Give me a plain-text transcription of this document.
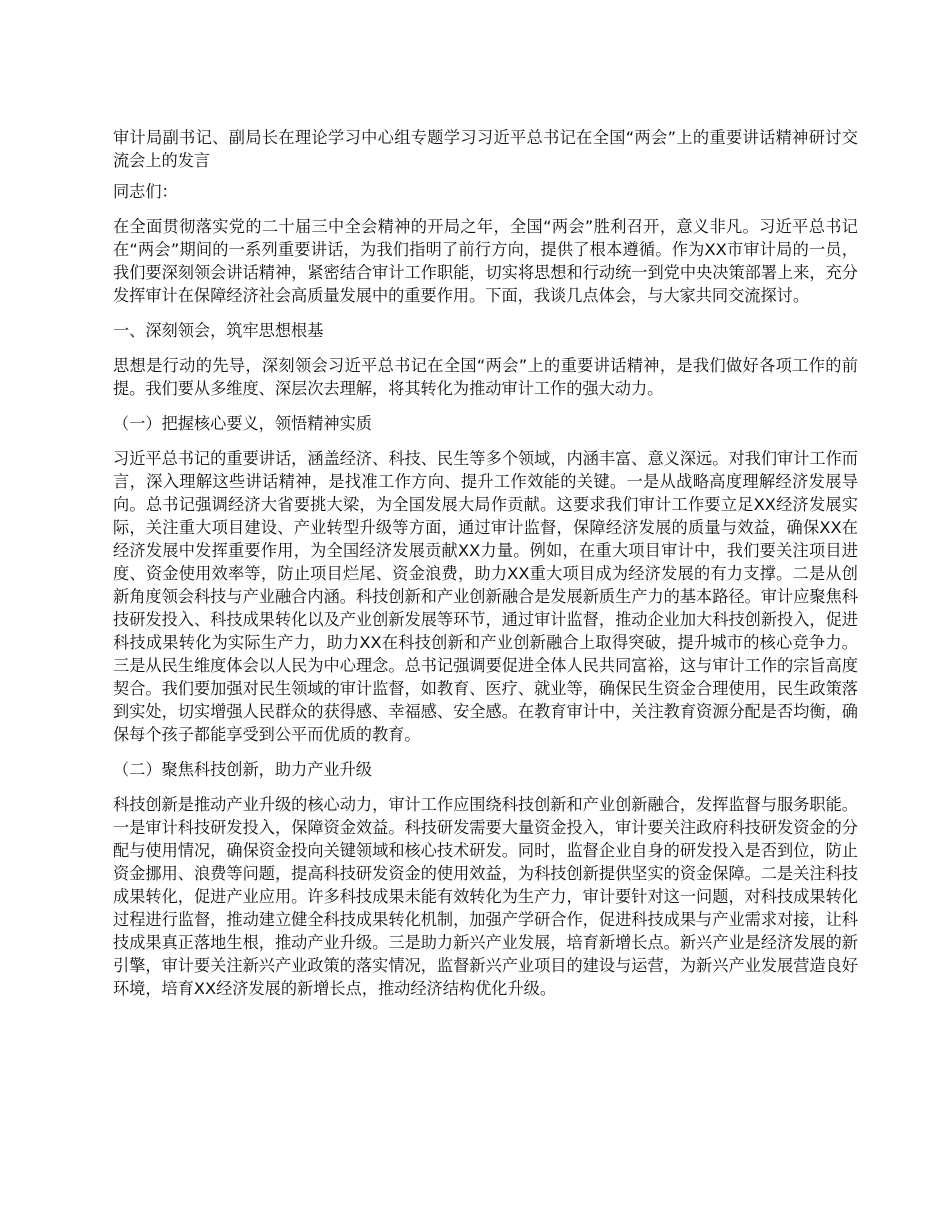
审计局副书记、副局长在理论学习中心组专题学习习近平总书记在全国“两会”上的重要讲话精神研讨交流会上的发言

同志们：

在全面贯彻落实党的二十届三中全会精神的开局之年，全国“两会”胜利召开，意义非凡。习近平总书记在“两会”期间的一系列重要讲话，为我们指明了前行方向，提供了根本遵循。作为XX市审计局的一员，我们要深刻领会讲话精神，紧密结合审计工作职能，切实将思想和行动统一到党中央决策部署上来，充分发挥审计在保障经济社会高质量发展中的重要作用。下面，我谈几点体会，与大家共同交流探讨。

一、深刻领会，筑牢思想根基

思想是行动的先导，深刻领会习近平总书记在全国“两会”上的重要讲话精神，是我们做好各项工作的前提。我们要从多维度、深层次去理解，将其转化为推动审计工作的强大动力。

（一）把握核心要义，领悟精神实质

习近平总书记的重要讲话，涵盖经济、科技、民生等多个领域，内涵丰富、意义深远。对我们审计工作而言，深入理解这些讲话精神，是找准工作方向、提升工作效能的关键。一是从战略高度理解经济发展导向。总书记强调经济大省要挑大梁，为全国发展大局作贡献。这要求我们审计工作要立足XX经济发展实际，关注重大项目建设、产业转型升级等方面，通过审计监督，保障经济发展的质量与效益，确保XX在经济发展中发挥重要作用，为全国经济发展贡献XX力量。例如，在重大项目审计中，我们要关注项目进度、资金使用效率等，防止项目烂尾、资金浪费，助力XX重大项目成为经济发展的有力支撑。二是从创新角度领会科技与产业融合内涵。科技创新和产业创新融合是发展新质生产力的基本路径。审计应聚焦科技研发投入、科技成果转化以及产业创新发展等环节，通过审计监督，推动企业加大科技创新投入，促进科技成果转化为实际生产力，助力XX在科技创新和产业创新融合上取得突破，提升城市的核心竞争力。三是从民生维度体会以人民为中心理念。总书记强调要促进全体人民共同富裕，这与审计工作的宗旨高度契合。我们要加强对民生领域的审计监督，如教育、医疗、就业等，确保民生资金合理使用，民生政策落到实处，切实增强人民群众的获得感、幸福感、安全感。在教育审计中，关注教育资源分配是否均衡，确保每个孩子都能享受到公平而优质的教育。

（二）聚焦科技创新，助力产业升级

科技创新是推动产业升级的核心动力，审计工作应围绕科技创新和产业创新融合，发挥监督与服务职能。一是审计科技研发投入，保障资金效益。科技研发需要大量资金投入，审计要关注政府科技研发资金的分配与使用情况，确保资金投向关键领域和核心技术研发。同时，监督企业自身的研发投入是否到位，防止资金挪用、浪费等问题，提高科技研发资金的使用效益，为科技创新提供坚实的资金保障。二是关注科技成果转化，促进产业应用。许多科技成果未能有效转化为生产力，审计要针对这一问题，对科技成果转化过程进行监督，推动建立健全科技成果转化机制，加强产学研合作，促进科技成果与产业需求对接，让科技成果真正落地生根，推动产业升级。三是助力新兴产业发展，培育新增长点。新兴产业是经济发展的新引擎，审计要关注新兴产业政策的落实情况，监督新兴产业项目的建设与运营，为新兴产业发展营造良好环境，培育XX经济发展的新增长点，推动经济结构优化升级。
